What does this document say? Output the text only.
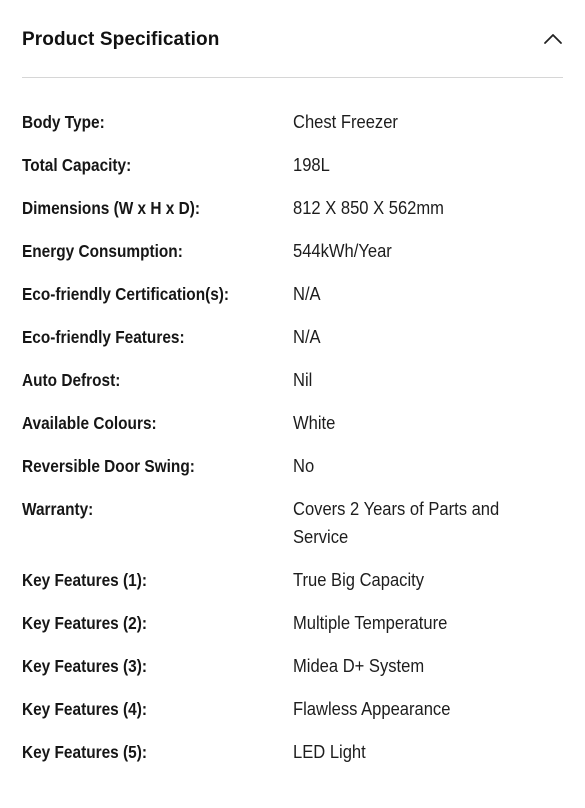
Product Specification
Body Type:	Chest Freezer
Total Capacity:	198L
Dimensions (W x H x D):	812 X 850 X 562mm
Energy Consumption:	544kWh/Year
Eco-friendly Certification(s):	N/A
Eco-friendly Features:	N/A
Auto Defrost:	Nil
Available Colours:	White
Reversible Door Swing:	No
Warranty:	Covers 2 Years of Parts and Service
Key Features (1):	True Big Capacity
Key Features (2):	Multiple Temperature
Key Features (3):	Midea D+ System
Key Features (4):	Flawless Appearance
Key Features (5):	LED Light
